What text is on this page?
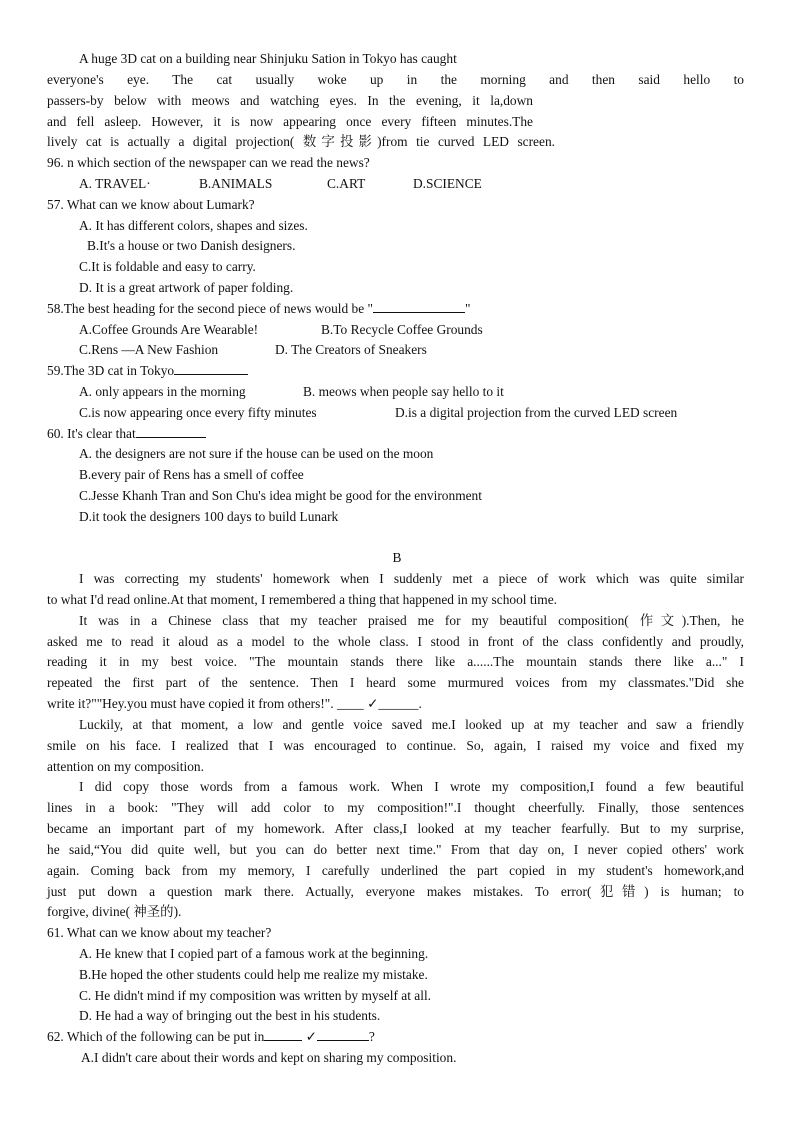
A huge 3D cat on a building near Shinjuku Sation in Tokyo has caught
everyone's eye. The cat usually woke up in the morning and then said hello to
passers-by below with meows and watching eyes. In the evening, it la,down
and fell asleep. However, it is now appearing once every fifteen minutes.The
lively cat is actually a digital projection( 数字投影)from tie curved LED screen.
96. n which section of the newspaper can we read the news?
A. TRAVEL·	B.ANIMALS	C.ART	D.SCIENCE
57. What can we know about Lumark?
A. It has different colors, shapes and sizes.
B.It's a house or two Danish designers.
C.It is foldable and easy to carry.
D. It is a great artwork of paper folding.
58.The best heading for the second piece of news would be "	"
A.Coffee Grounds Are Wearable!	B.To Recycle Coffee Grounds
C.Rens —A New Fashion	D. The Creators of Sneakers
59.The 3D cat in Tokyo
A. only appears in the morning	B. meows when people say hello to it
C.is now appearing once every fifty minutes	D.is a digital projection from the curved LED screen
60. It's clear that
A. the designers are not sure if the house can be used on the moon
B.every pair of Rens has a smell of coffee
C.Jesse Khanh Tran and Son Chu's idea might be good for the environment
D.it took the designers 100 days to build Lunark
B
I was correcting my students' homework when I suddenly met a piece of work which was quite similar
to what I'd read online.At that moment, I remembered a thing that happened in my school time.
It was in a Chinese class that my teacher praised me for my beautiful composition( 作文).Then, he
asked me to read it aloud as a model to the whole class. I stood in front of the class confidently and proudly,
reading it in my best voice. "The mountain stands there like a......The mountain stands there like a..." I
repeated the first part of the sentence. Then I heard some murmured voices from my classmates."Did she
write it?""Hey.you must have copied it from others!". ____ ✓______.
Luckily, at that moment, a low and gentle voice saved me.I looked up at my teacher and saw a friendly
smile on his face. I realized that I was encouraged to continue. So, again, I raised my voice and fixed my
attention on my composition.
I did copy those words from a famous work. When I wrote my composition,I found a few beautiful
lines in a book: "They will add color to my composition!".I thought cheerfully. Finally, those sentences
became an important part of my homework. After class,I looked at my teacher fearfully. But to my surprise,
he said,“You did quite well, but you can do better next time." From that day on, I never copied others' work
again. Coming back from my memory, I carefully underlined the part copied in my student's homework,and
just put down a question mark there. Actually, everyone makes mistakes. To error(犯错) is human; to
forgive, divine( 神圣的).
61. What can we know about my teacher?
A. He knew that I copied part of a famous work at the beginning.
B.He hoped the other students could help me realize my mistake.
C. He didn't mind if my composition was written by myself at all.
D. He had a way of bringing out the best in his students.
62. Which of the following can be put in	✓	?
A.I didn't care about their words and kept on sharing my composition.
